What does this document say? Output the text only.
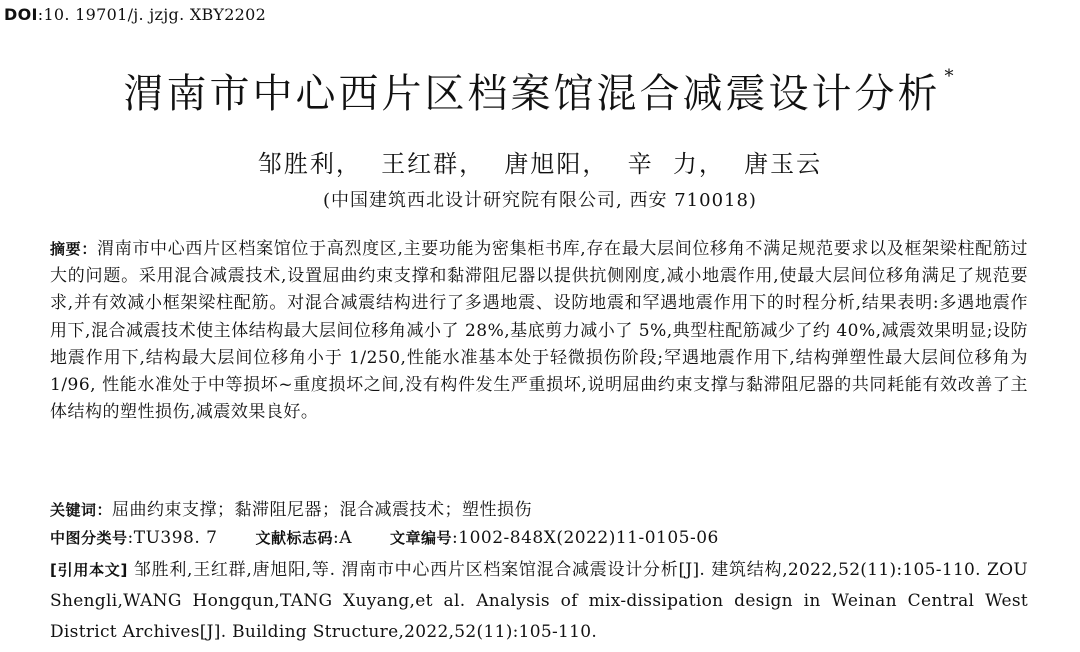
DOI:10. 19701/j. jzjg. XBY2202
渭南市中心西片区档案馆混合减震设计分析 *
邹胜利，  王红群，  唐旭阳，  辛  力，  唐玉云
(中国建筑西北设计研究院有限公司, 西安 710018)
摘要：渭南市中心西片区档案馆位于高烈度区,主要功能为密集柜书库,存在最大层间位移角不满足规范要求以及框架梁柱配筋过大的问题。采用混合减震技术,设置屈曲约束支撑和黏滞阻尼器以提供抗侧刚度,减小地震作用,使最大层间位移角满足了规范要求,并有效减小框架梁柱配筋。对混合减震结构进行了多遇地震、设防地震和罕遇地震作用下的时程分析,结果表明:多遇地震作用下,混合减震技术使主体结构最大层间位移角减小了 28%,基底剪力减小了 5%,典型柱配筋减少了约 40%,减震效果明显;设防地震作用下,结构最大层间位移角小于 1/250,性能水准基本处于轻微损伤阶段;罕遇地震作用下,结构弹塑性最大层间位移角为 1/96, 性能水准处于中等损坏~重度损坏之间,没有构件发生严重损坏,说明屈曲约束支撑与黏滞阻尼器的共同耗能有效改善了主体结构的塑性损伤,减震效果良好。
关键词：屈曲约束支撑；黏滞阻尼器；混合减震技术；塑性损伤
中图分类号:TU398. 7	文献标志码:A	文章编号:1002-848X(2022)11-0105-06
[引用本文] 邹胜利,王红群,唐旭阳,等. 渭南市中心西片区档案馆混合减震设计分析[J]. 建筑结构,2022,52(11):105-110. ZOU Shengli,WANG Hongqun,TANG Xuyang,et al. Analysis of mix-dissipation design in Weinan Central West District Archives[J]. Building Structure,2022,52(11):105-110.
